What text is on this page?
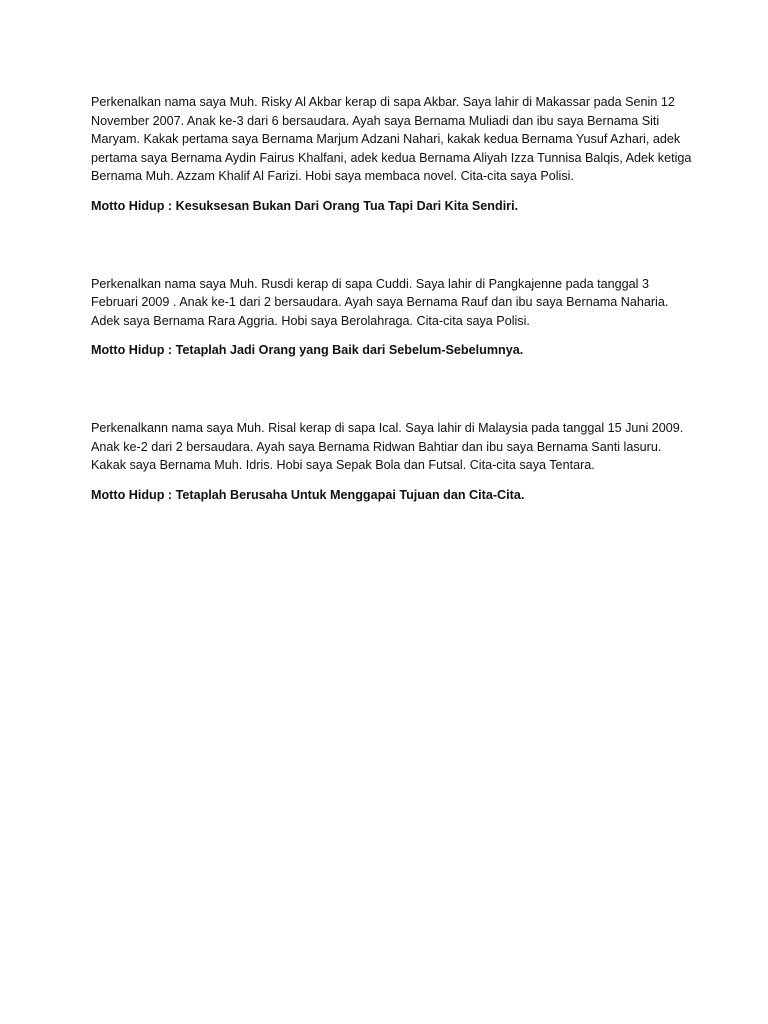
Perkenalkan nama saya Muh. Risky Al Akbar kerap di sapa Akbar. Saya lahir di Makassar pada Senin 12
November 2007. Anak ke-3 dari 6 bersaudara. Ayah saya Bernama Muliadi dan ibu saya Bernama Siti
Maryam. Kakak pertama saya Bernama Marjum Adzani Nahari, kakak kedua Bernama Yusuf Azhari, adek
pertama saya Bernama Aydin Fairus Khalfani, adek kedua Bernama Aliyah Izza Tunnisa Balqis, Adek ketiga
Bernama Muh. Azzam Khalif Al Farizi. Hobi saya membaca novel. Cita-cita saya Polisi.

Motto Hidup : Kesuksesan Bukan Dari Orang Tua Tapi Dari Kita Sendiri.

Perkenalkan nama saya Muh. Rusdi kerap di sapa Cuddi. Saya lahir di Pangkajenne pada tanggal 3
Februari 2009 . Anak ke-1 dari 2 bersaudara. Ayah saya Bernama Rauf dan ibu saya Bernama Naharia.
Adek saya Bernama Rara Aggria. Hobi saya Berolahraga. Cita-cita saya Polisi.

Motto Hidup : Tetaplah Jadi Orang yang Baik dari Sebelum-Sebelumnya.

Perkenalkann nama saya Muh. Risal kerap di sapa Ical. Saya lahir di Malaysia pada tanggal 15 Juni 2009.
Anak ke-2 dari 2 bersaudara. Ayah saya Bernama Ridwan Bahtiar dan ibu saya Bernama Santi lasuru.
Kakak saya Bernama Muh. Idris. Hobi saya Sepak Bola dan Futsal. Cita-cita saya Tentara.

Motto Hidup : Tetaplah Berusaha Untuk Menggapai Tujuan dan Cita-Cita.
